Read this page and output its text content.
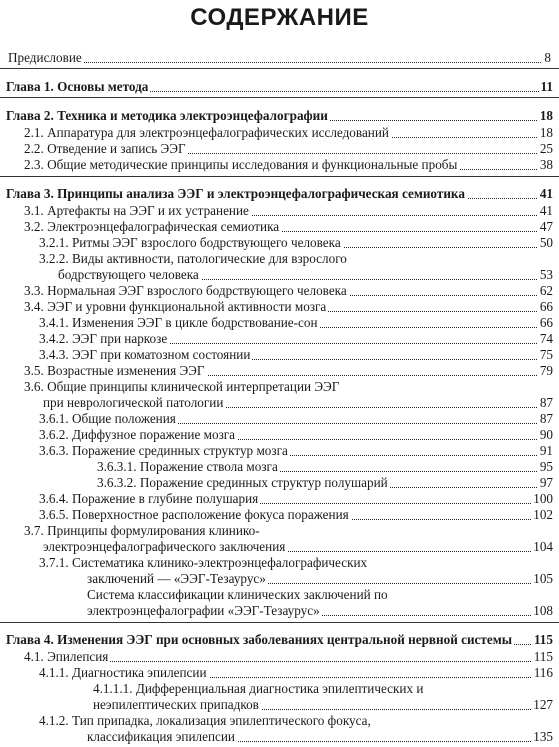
СОДЕРЖАНИЕ
Предисловие	8
Глава 1. Основы метода	11
Глава 2. Техника и методика электроэнцефалографии	18
2.1. Аппаратура для электроэнцефалографических исследований	18
2.2. Отведение и запись ЭЭГ	25
2.3. Общие методические принципы исследования и функциональные пробы	38
Глава 3. Принципы анализа ЭЭГ и электроэнцефалографическая семиотика	41
3.1. Артефакты на ЭЭГ и их устранение	41
3.2. Электроэнцефалографическая семиотика	47
3.2.1. Ритмы ЭЭГ взрослого бодрствующего человека	50
3.2.2. Виды активности, патологические для взрослого
бодрствующего человека	53
3.3. Нормальная ЭЭГ взрослого бодрствующего человека	62
3.4. ЭЭГ и уровни функциональной активности мозга	66
3.4.1. Изменения ЭЭГ в цикле бодрствование-сон	66
3.4.2. ЭЭГ при наркозе	74
3.4.3. ЭЭГ при коматозном состоянии	75
3.5. Возрастные изменения ЭЭГ	79
3.6. Общие принципы клинической интерпретации ЭЭГ
при неврологической патологии	87
3.6.1. Общие положения	87
3.6.2. Диффузное поражение мозга	90
3.6.3. Поражение срединных структур мозга	91
3.6.3.1. Поражение ствола мозга	95
3.6.3.2. Поражение срединных структур полушарий	97
3.6.4. Поражение в глубине полушария	100
3.6.5. Поверхностное расположение фокуса поражения	102
3.7. Принципы формулирования клинико-
электроэнцефалографического заключения	104
3.7.1. Систематика клинико-электроэнцефалографических
заключений — «ЭЭГ-Тезаурус»	105
Система классификации клинических заключений по
электроэнцефалографии «ЭЭГ-Тезаурус»	108
Глава 4. Изменения ЭЭГ при основных заболеваниях центральной нервной системы 115
4.1. Эпилепсия	115
4.1.1. Диагностика эпилепсии	116
4.1.1.1. Дифференциальная диагностика эпилептических и
неэпилептических припадков	127
4.1.2. Тип припадка, локализация эпилептического фокуса,
классификация эпилепсии	135
